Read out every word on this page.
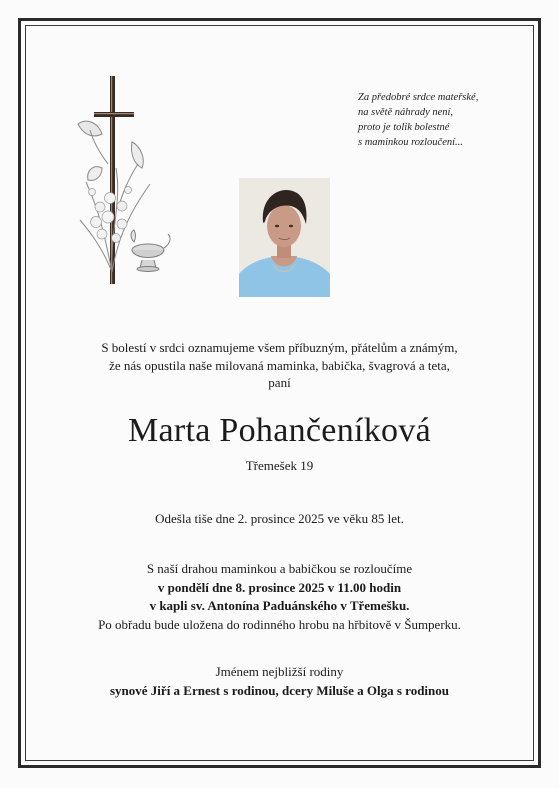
Za předobré srdce mateřské,
na světě náhrady není,
proto je tolik bolestné
s maminkou rozloučení...
S bolestí v srdci oznamujeme všem příbuzným, přátelům a známým,
že nás opustila naše milovaná maminka, babička, švagrová a teta,
paní
Marta Pohančeníková
Třemešek 19
Odešla tiše dne 2. prosince 2025 ve věku 85 let.
S naší drahou maminkou a babičkou se rozloučíme
v pondělí dne 8. prosince 2025 v 11.00 hodin
v kapli sv. Antonína Paduánského v Třemešku.
Po obřadu bude uložena do rodinného hrobu na hřbitově v Šumperku.
Jménem nejbližší rodiny
synové Jiří a Ernest s rodinou, dcery Miluše a Olga s rodinou
